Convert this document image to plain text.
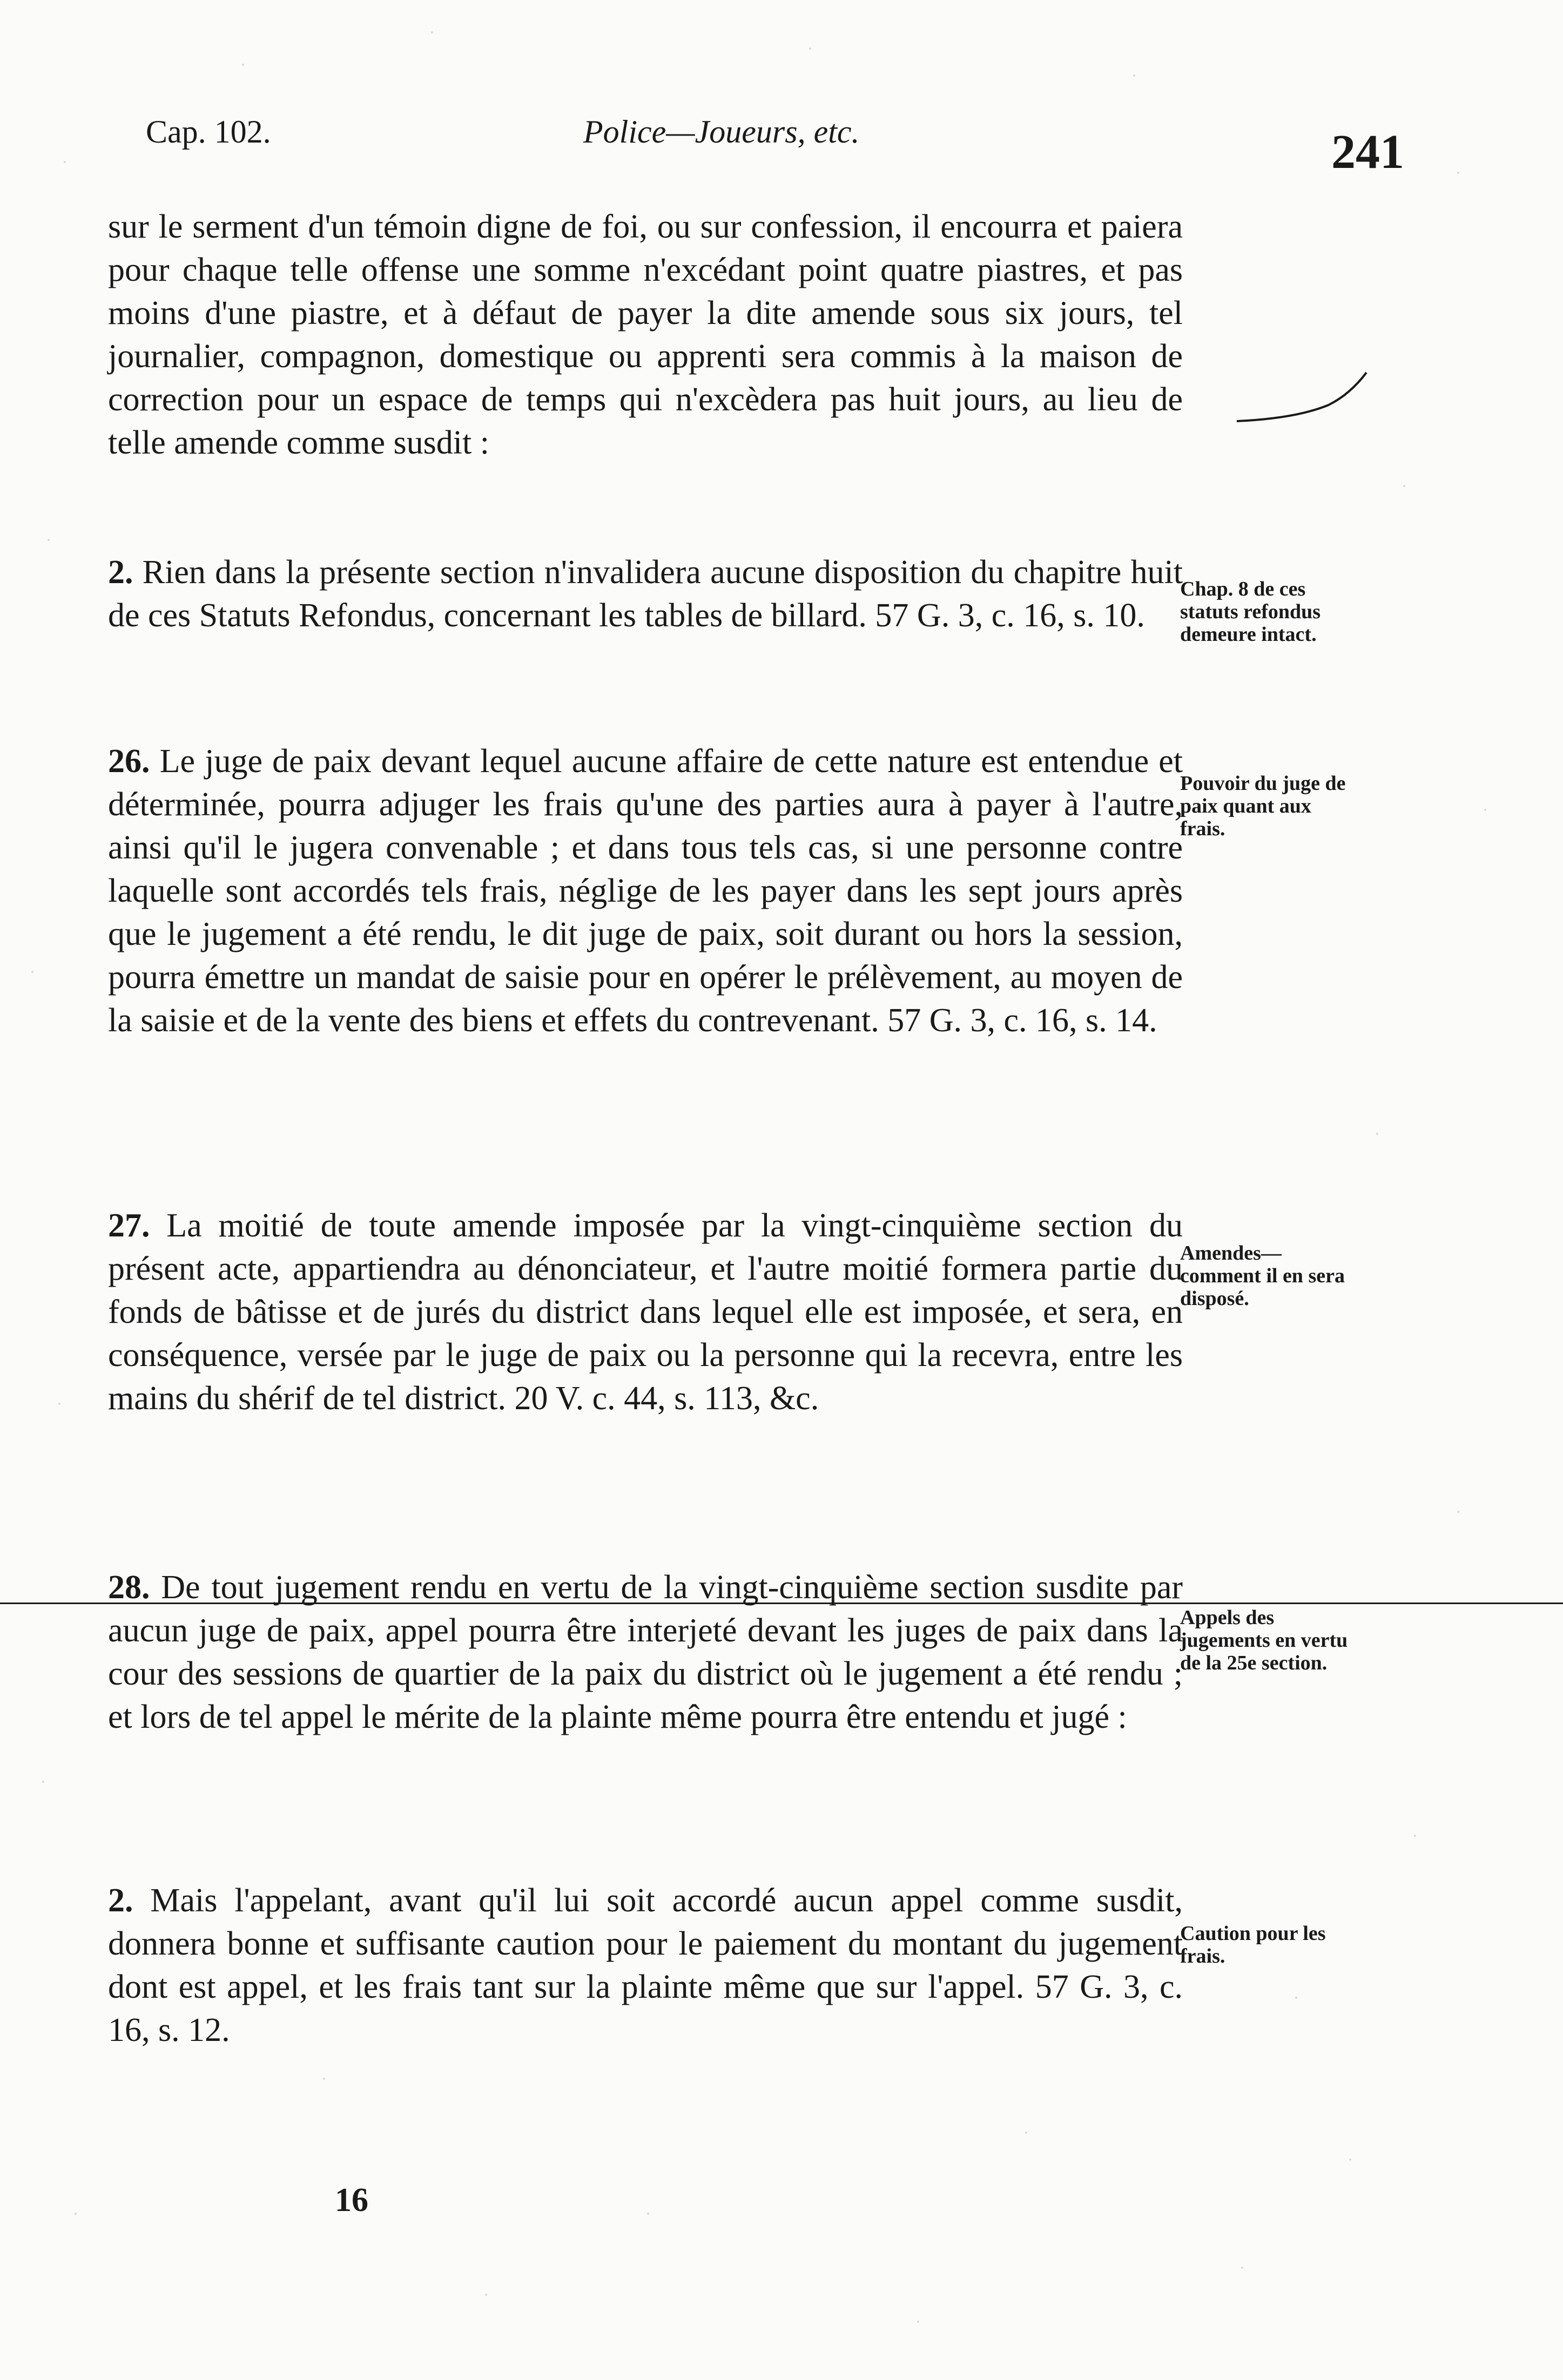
Cap. 102.	Police—Joueurs, etc.	241
sur le serment d'un témoin digne de foi, ou sur confession, il encourra et paiera pour chaque telle offense une somme n'excédant point quatre piastres, et pas moins d'une piastre, et à défaut de payer la dite amende sous six jours, tel journalier, compagnon, domestique ou apprenti sera commis à la maison de correction pour un espace de temps qui n'excèdera pas huit jours, au lieu de telle amende comme susdit :
2. Rien dans la présente section n'invalidera aucune disposition du chapitre huit de ces Statuts Refondus, concernant les tables de billard. 57 G. 3, c. 16, s. 10.
Chap. 8 de ces statuts refondus demeure intact.
26. Le juge de paix devant lequel aucune affaire de cette nature est entendue et déterminée, pourra adjuger les frais qu'une des parties aura à payer à l'autre, ainsi qu'il le jugera convenable ; et dans tous tels cas, si une personne contre laquelle sont accordés tels frais, néglige de les payer dans les sept jours après que le jugement a été rendu, le dit juge de paix, soit durant ou hors la session, pourra émettre un mandat de saisie pour en opérer le prélèvement, au moyen de la saisie et de la vente des biens et effets du contrevenant. 57 G. 3, c. 16, s. 14.
Pouvoir du juge de paix quant aux frais.
27. La moitié de toute amende imposée par la vingt-cinquième section du présent acte, appartiendra au dénonciateur, et l'autre moitié formera partie du fonds de bâtisse et de jurés du district dans lequel elle est imposée, et sera, en conséquence, versée par le juge de paix ou la personne qui la recevra, entre les mains du shérif de tel district. 20 V. c. 44, s. 113, &c.
Amendes—comment il en sera disposé.
28. De tout jugement rendu en vertu de la vingt-cinquième section susdite par aucun juge de paix, appel pourra être interjeté devant les juges de paix dans la cour des sessions de quartier de la paix du district où le jugement a été rendu ; et lors de tel appel le mérite de la plainte même pourra être entendu et jugé :
Appels des jugements en vertu de la 25e section.
2. Mais l'appelant, avant qu'il lui soit accordé aucun appel comme susdit, donnera bonne et suffisante caution pour le paiement du montant du jugement dont est appel, et les frais tant sur la plainte même que sur l'appel. 57 G. 3, c. 16, s. 12.
Caution pour les frais.
16
